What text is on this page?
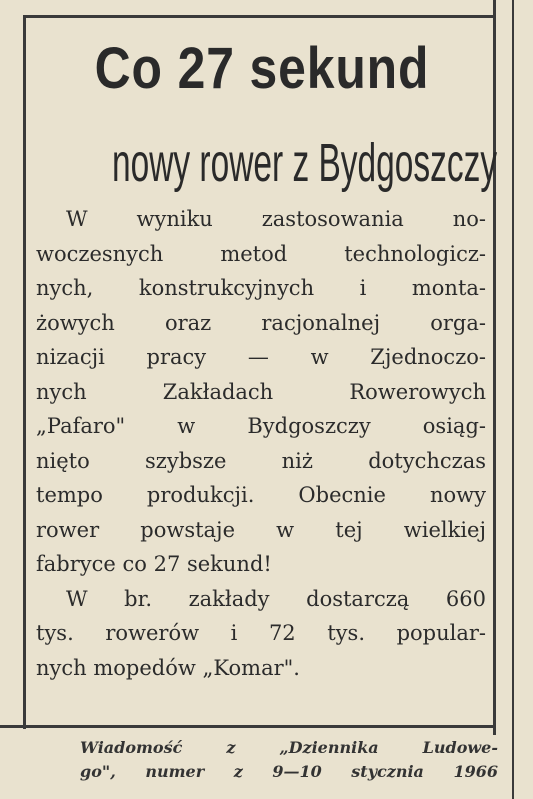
Co 27 sekund
nowy rower z Bydgoszczy
W wyniku zastosowania no-
woczesnych metod technologicz-
nych, konstrukcyjnych i monta-
żowych oraz racjonalnej orga-
nizacji pracy — w Zjednoczo-
nych Zakładach Rowerowych
„Pafaro" w Bydgoszczy osiąg-
nięto szybsze niż dotychczas
tempo produkcji. Obecnie nowy
rower powstaje w tej wielkiej
fabryce co 27 sekund!
W br. zakłady dostarczą 660
tys. rowerów i 72 tys. popular-
nych mopedów „Komar".
Wiadomość z „Dziennika Ludowe-
go", numer z 9—10 stycznia 1966
